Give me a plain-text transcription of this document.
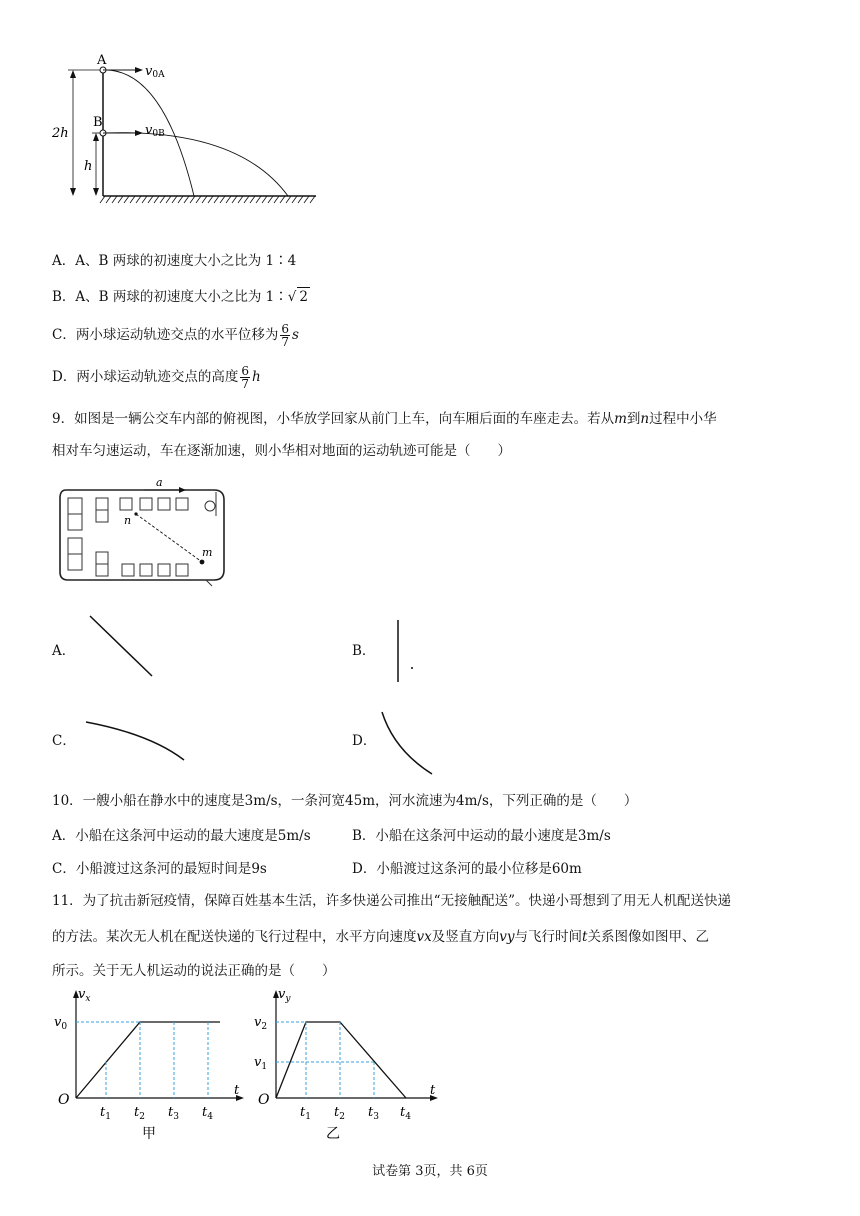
A
B
v0A
v0B
2h
h
A．A、B 两球的初速度大小之比为 1∶4
B．A、B 两球的初速度大小之比为 1∶√ 2
C．两小球运动轨迹交点的水平位移为 $\frac{6}{7}$ s
D．两小球运动轨迹交点的高度 $\frac{6}{7}$ h
9．如图是一辆公交车内部的俯视图，小华放学回家从前门上车，向车厢后面的车座走去。若从m到n过程中小华
相对车匀速运动，车在逐渐加速，则小华相对地面的运动轨迹可能是（　　）
a
n
m
A．	B．
C．	D．
10．一艘小船在静水中的速度是3m/s，一条河宽45m，河水流速为4m/s，下列正确的是（　　）
A．小船在这条河中运动的最大速度是5m/s	B．小船在这条河中运动的最小速度是3m/s
C．小船渡过这条河的最短时间是9s	D．小船渡过这条河的最小位移是60m
11．为了抗击新冠疫情，保障百姓基本生活，许多快递公司推出“无接触配送”。快递小哥想到了用无人机配送快递
的方法。某次无人机在配送快递的飞行过程中，水平方向速度vx及竖直方向vy与飞行时间t关系图像如图甲、乙
所示。关于无人机运动的说法正确的是（　　）
$v_x$
$v_0$
O
$t_1$ $t_2$ $t_3$ $t_4$
t
甲
$v_y$
$v_2$
$v_1$
O
$t_1$ $t_2$ $t_3$ $t_4$
t
乙
试卷第 3页，共 6页
